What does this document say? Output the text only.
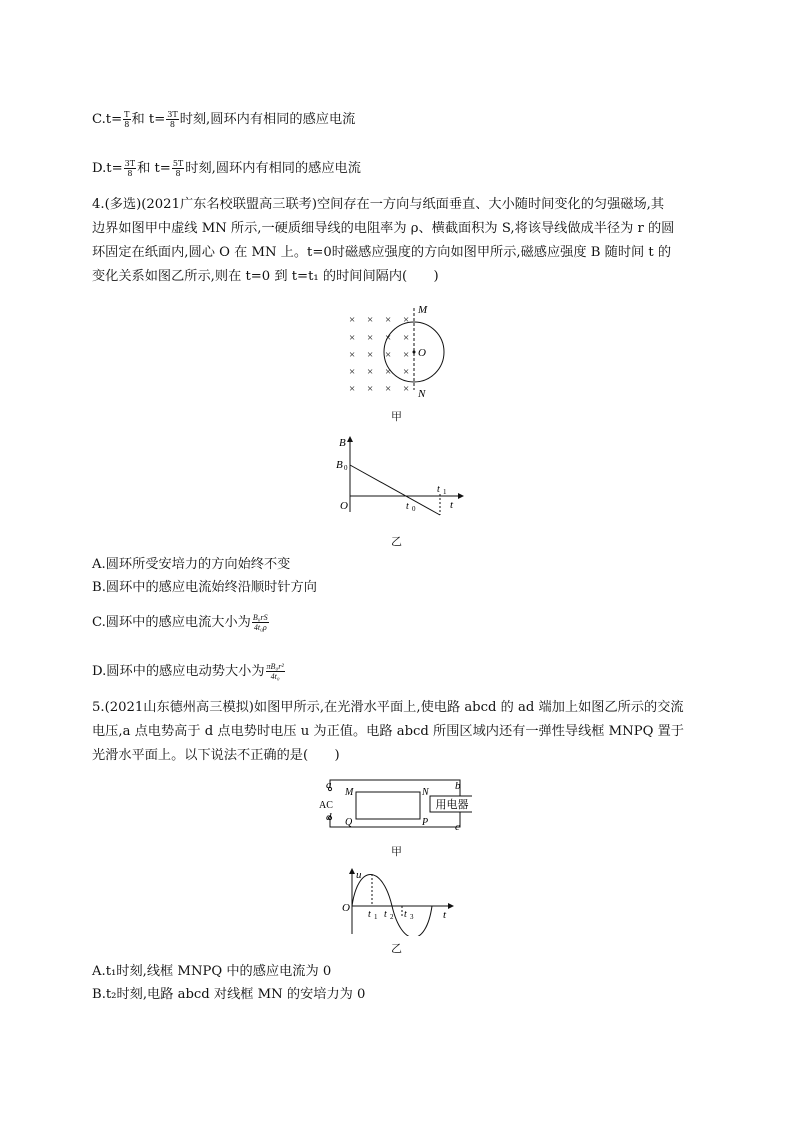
$C.t= \frac{T}{8}$ 和 $t= \frac{3T}{8}$ 时刻,圆环内有相同的感应电流
$D.t= \frac{3T}{8}$ 和 $t= \frac{5T}{8}$ 时刻,圆环内有相同的感应电流
4.(多选)(2021广东名校联盟高三联考)空间存在一方向与纸面垂直、大小随时间变化的匀强磁场,其
边界如图甲中虚线 MN 所示,一硬质细导线的电阻率为 ρ、横截面积为 S,将该导线做成半径为 r 的圆
环固定在纸面内,圆心 O 在 MN 上。t=0时磁感应强度的方向如图甲所示,磁感应强度 B 随时间 t 的
变化关系如图乙所示,则在 t=0 到 t=t₁ 的时间间隔内(　　)
× × × ×
× × × ×
× × × ×
× × × ×
× × × ×
M
O
N
甲
B
B 0
O	t
t 0
t 1
乙
A.圆环所受安培力的方向始终不变
B.圆环中的感应电流始终沿顺时针方向
C.圆环中的感应电流大小为 $\frac{\text{B₀rS}}{\text{4t₀ρ}}$
D.圆环中的感应电动势大小为 $\frac{\text{πB₀r²}}{\text{4t₀}}$
5.(2021山东德州高三模拟)如图甲所示,在光滑水平面上,使电路 abcd 的 ad 端加上如图乙所示的交流
电压,a 点电势高于 d 点电势时电压 u 为正值。电路 abcd 所围区域内还有一弹性导线框 MNPQ 置于
光滑水平面上。以下说法不正确的是(　　)
用电器
a
AC
d
b
c
M	N
P
Q
甲
u
O
t
t 1 t 2 t 3
乙
A.t₁时刻,线框 MNPQ 中的感应电流为 0
B.t₂时刻,电路 abcd 对线框 MN 的安培力为 0
